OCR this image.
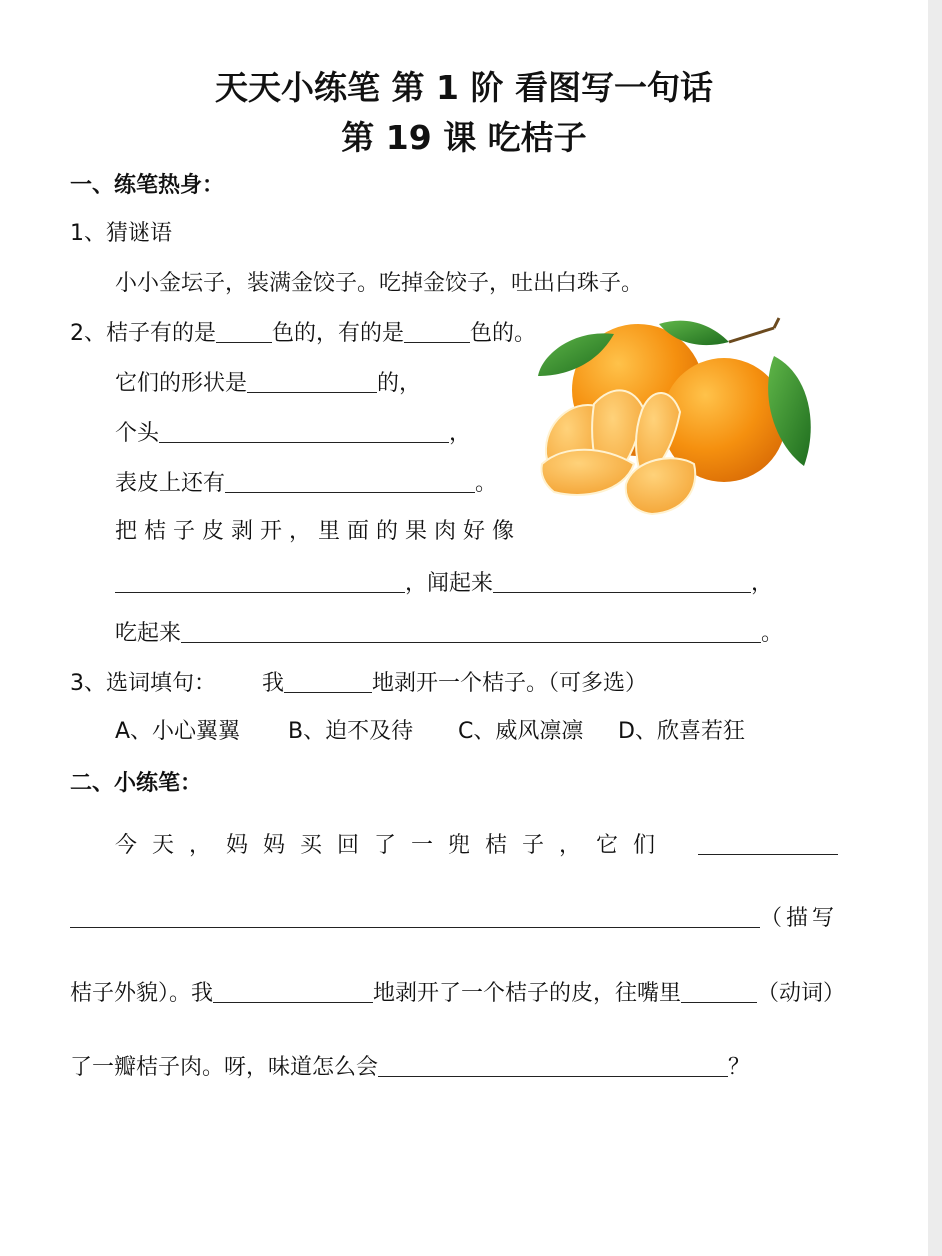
天天小练笔 第 1 阶 看图写一句话
第 19 课 吃桔子
一、练笔热身：
1、猜谜语
小小金坛子，装满金饺子。吃掉金饺子，吐出白珠子。
2、桔子有的是	色的，有的是	色的。
它们的形状是	的，
个头	，
表皮上还有	。
把桔子皮剥开，里面的果肉好像
，闻起来	，
吃起来	。
3、选词填句： 我	地剥开一个桔子。（可多选）
A、小心翼翼 B、迫不及待 C、威风凛凛 D、欣喜若狂
二、小练笔：
今天，妈妈买回了一兜桔子，它们
（描写
桔子外貌）。我	地剥开了一个桔子的皮，往嘴里	（动词）
了一瓣桔子肉。呀，味道怎么会	？
